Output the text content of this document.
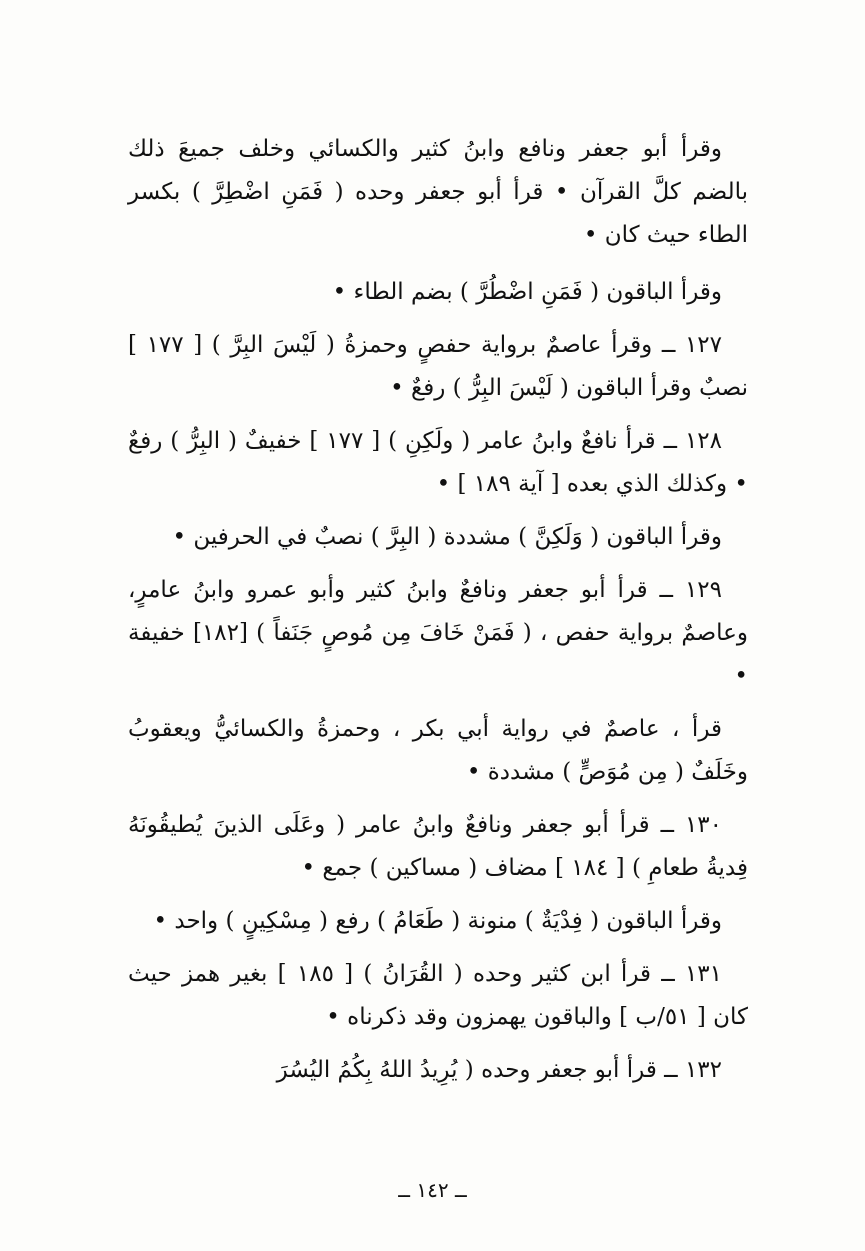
وقرأ أبو جعفر ونافع وابنُ كثير والكسائي وخلف جميعَ ذلك بالضم كلَّ القرآن • قرأ أبو جعفر وحده ( فَمَنِ اضْطِرَّ ) بكسر الطاء حيث كان •

وقرأ الباقون ( فَمَنِ اضْطُرَّ ) بضم الطاء •

١٢٧ ــ وقرأ عاصمٌ برواية حفصٍ وحمزةُ ( لَيْسَ البِرَّ ) [ ١٧٧ ] نصبٌ وقرأ الباقون ( لَيْسَ البِرُّ ) رفعٌ •

١٢٨ ــ قرأ نافعٌ وابنُ عامر ( ولَكِنِ ) [ ١٧٧ ] خفيفٌ ( البِرُّ ) رفعٌ • وكذلك الذي بعده [ آية ١٨٩ ] •

وقرأ الباقون ( وَلَكِنَّ ) مشددة ( البِرَّ ) نصبٌ في الحرفين •

١٢٩ ــ قرأ أبو جعفر ونافعٌ وابنُ كثير وأبو عمرو وابنُ عامرٍ، وعاصمٌ برواية حفص ، ( فَمَنْ خَافَ مِن مُوصٍ جَنَفاً ) [١٨٢] خفيفة •

قرأ ، عاصمٌ في رواية أبي بكر ، وحمزةُ والكسائيُّ ويعقوبُ وخَلَفٌ ( مِن مُوَصٍّ ) مشددة •

١٣٠ ــ قرأ أبو جعفر ونافعٌ وابنُ عامر ( وعَلَى الذينَ يُطيقُونَهُ فِديةُ طعامِ ) [ ١٨٤ ] مضاف ( مساكين ) جمع •

وقرأ الباقون ( فِدْيَةٌ ) منونة ( طَعَامُ ) رفع ( مِسْكِينٍ ) واحد •

١٣١ ــ قرأ ابن كثير وحده ( القُرَانُ ) [ ١٨٥ ] بغير همز حيث كان [ ٥١/ب ] والباقون يهمزون وقد ذكرناه •

١٣٢ ــ قرأ أبو جعفر وحده ( يُرِيدُ اللهُ بِكُمُ اليُسُرَ

ــ ١٤٢ ــ
